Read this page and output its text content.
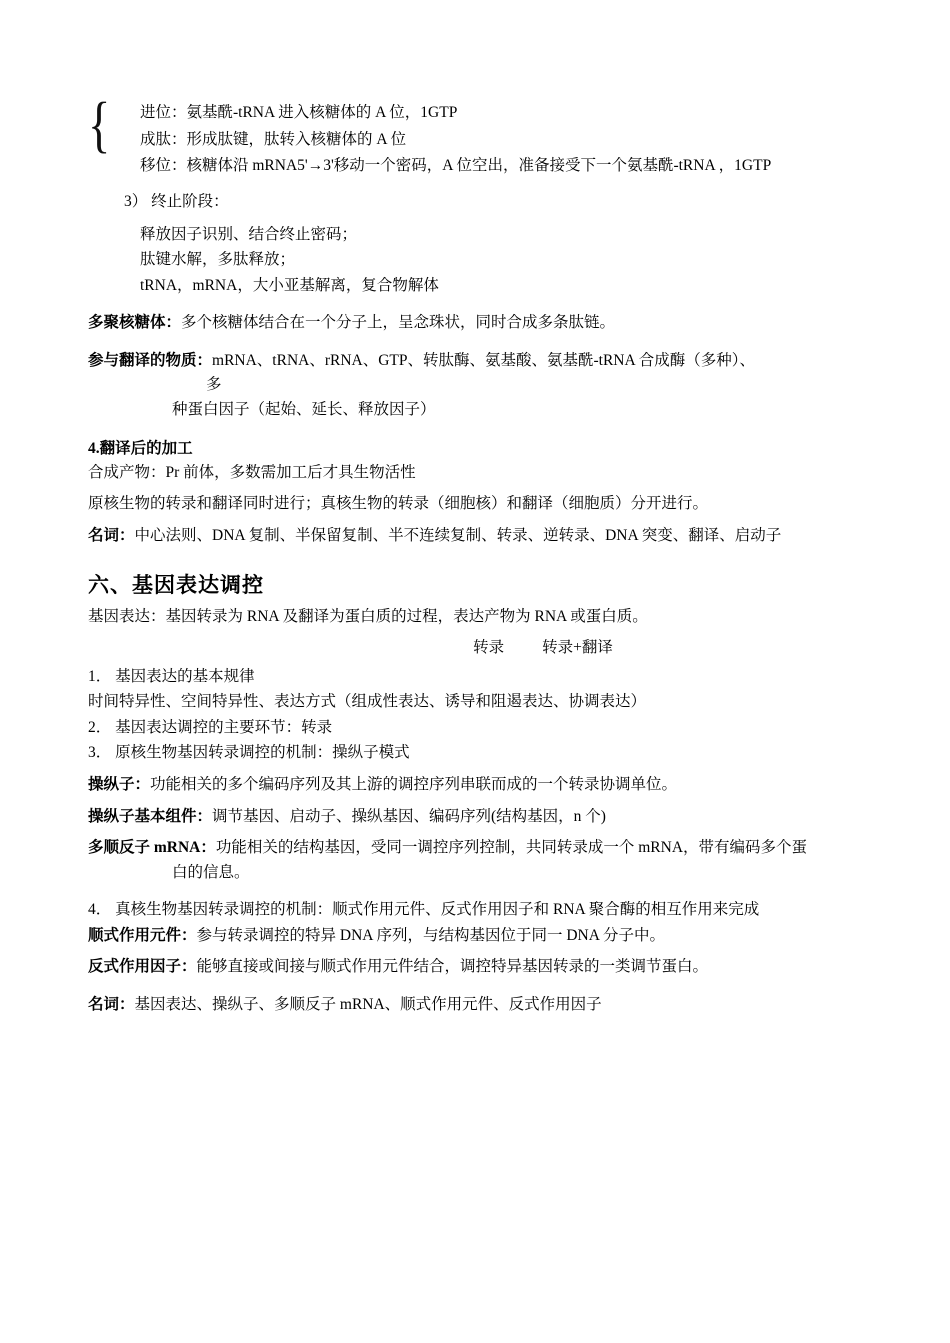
{ 进位：氨基酰-tRNA 进入核糖体的 A 位，1GTP
成肽：形成肽键，肽转入核糖体的 A 位
移位：核糖体沿 mRNA5'→3'移动一个密码，A 位空出，准备接受下一个氨基酰-tRNA ，1GTP
3） 终止阶段：
释放因子识别、结合终止密码；
肽键水解，多肽释放；
tRNA，mRNA，大小亚基解离，复合物解体
多聚核糖体：多个核糖体结合在一个分子上，呈念珠状，同时合成多条肽链。
参与翻译的物质：mRNA、tRNA、rRNA、GTP、转肽酶、氨基酸、氨基酰-tRNA 合成酶（多种）、多
种蛋白因子（起始、延长、释放因子）
4.翻译后的加工
合成产物：Pr 前体，多数需加工后才具生物活性
原核生物的转录和翻译同时进行；真核生物的转录（细胞核）和翻译（细胞质）分开进行。
名词：中心法则、DNA 复制、半保留复制、半不连续复制、转录、逆转录、DNA 突变、翻译、启动子
六、基因表达调控
基因表达：基因转录为 RNA 及翻译为蛋白质的过程，表达产物为 RNA 或蛋白质。
转录 转录+翻译
1． 基因表达的基本规律
时间特异性、空间特异性、表达方式（组成性表达、诱导和阻遏表达、协调表达）
2． 基因表达调控的主要环节：转录
3． 原核生物基因转录调控的机制：操纵子模式
操纵子：功能相关的多个编码序列及其上游的调控序列串联而成的一个转录协调单位。
操纵子基本组件：调节基因、启动子、操纵基因、编码序列(结构基因，n 个)
多顺反子 mRNA：功能相关的结构基因，受同一调控序列控制，共同转录成一个 mRNA，带有编码多个蛋
白的信息。
4． 真核生物基因转录调控的机制：顺式作用元件、反式作用因子和 RNA 聚合酶的相互作用来完成
顺式作用元件：参与转录调控的特异 DNA 序列，与结构基因位于同一 DNA 分子中。
反式作用因子：能够直接或间接与顺式作用元件结合，调控特异基因转录的一类调节蛋白。
名词：基因表达、操纵子、多顺反子 mRNA、顺式作用元件、反式作用因子
